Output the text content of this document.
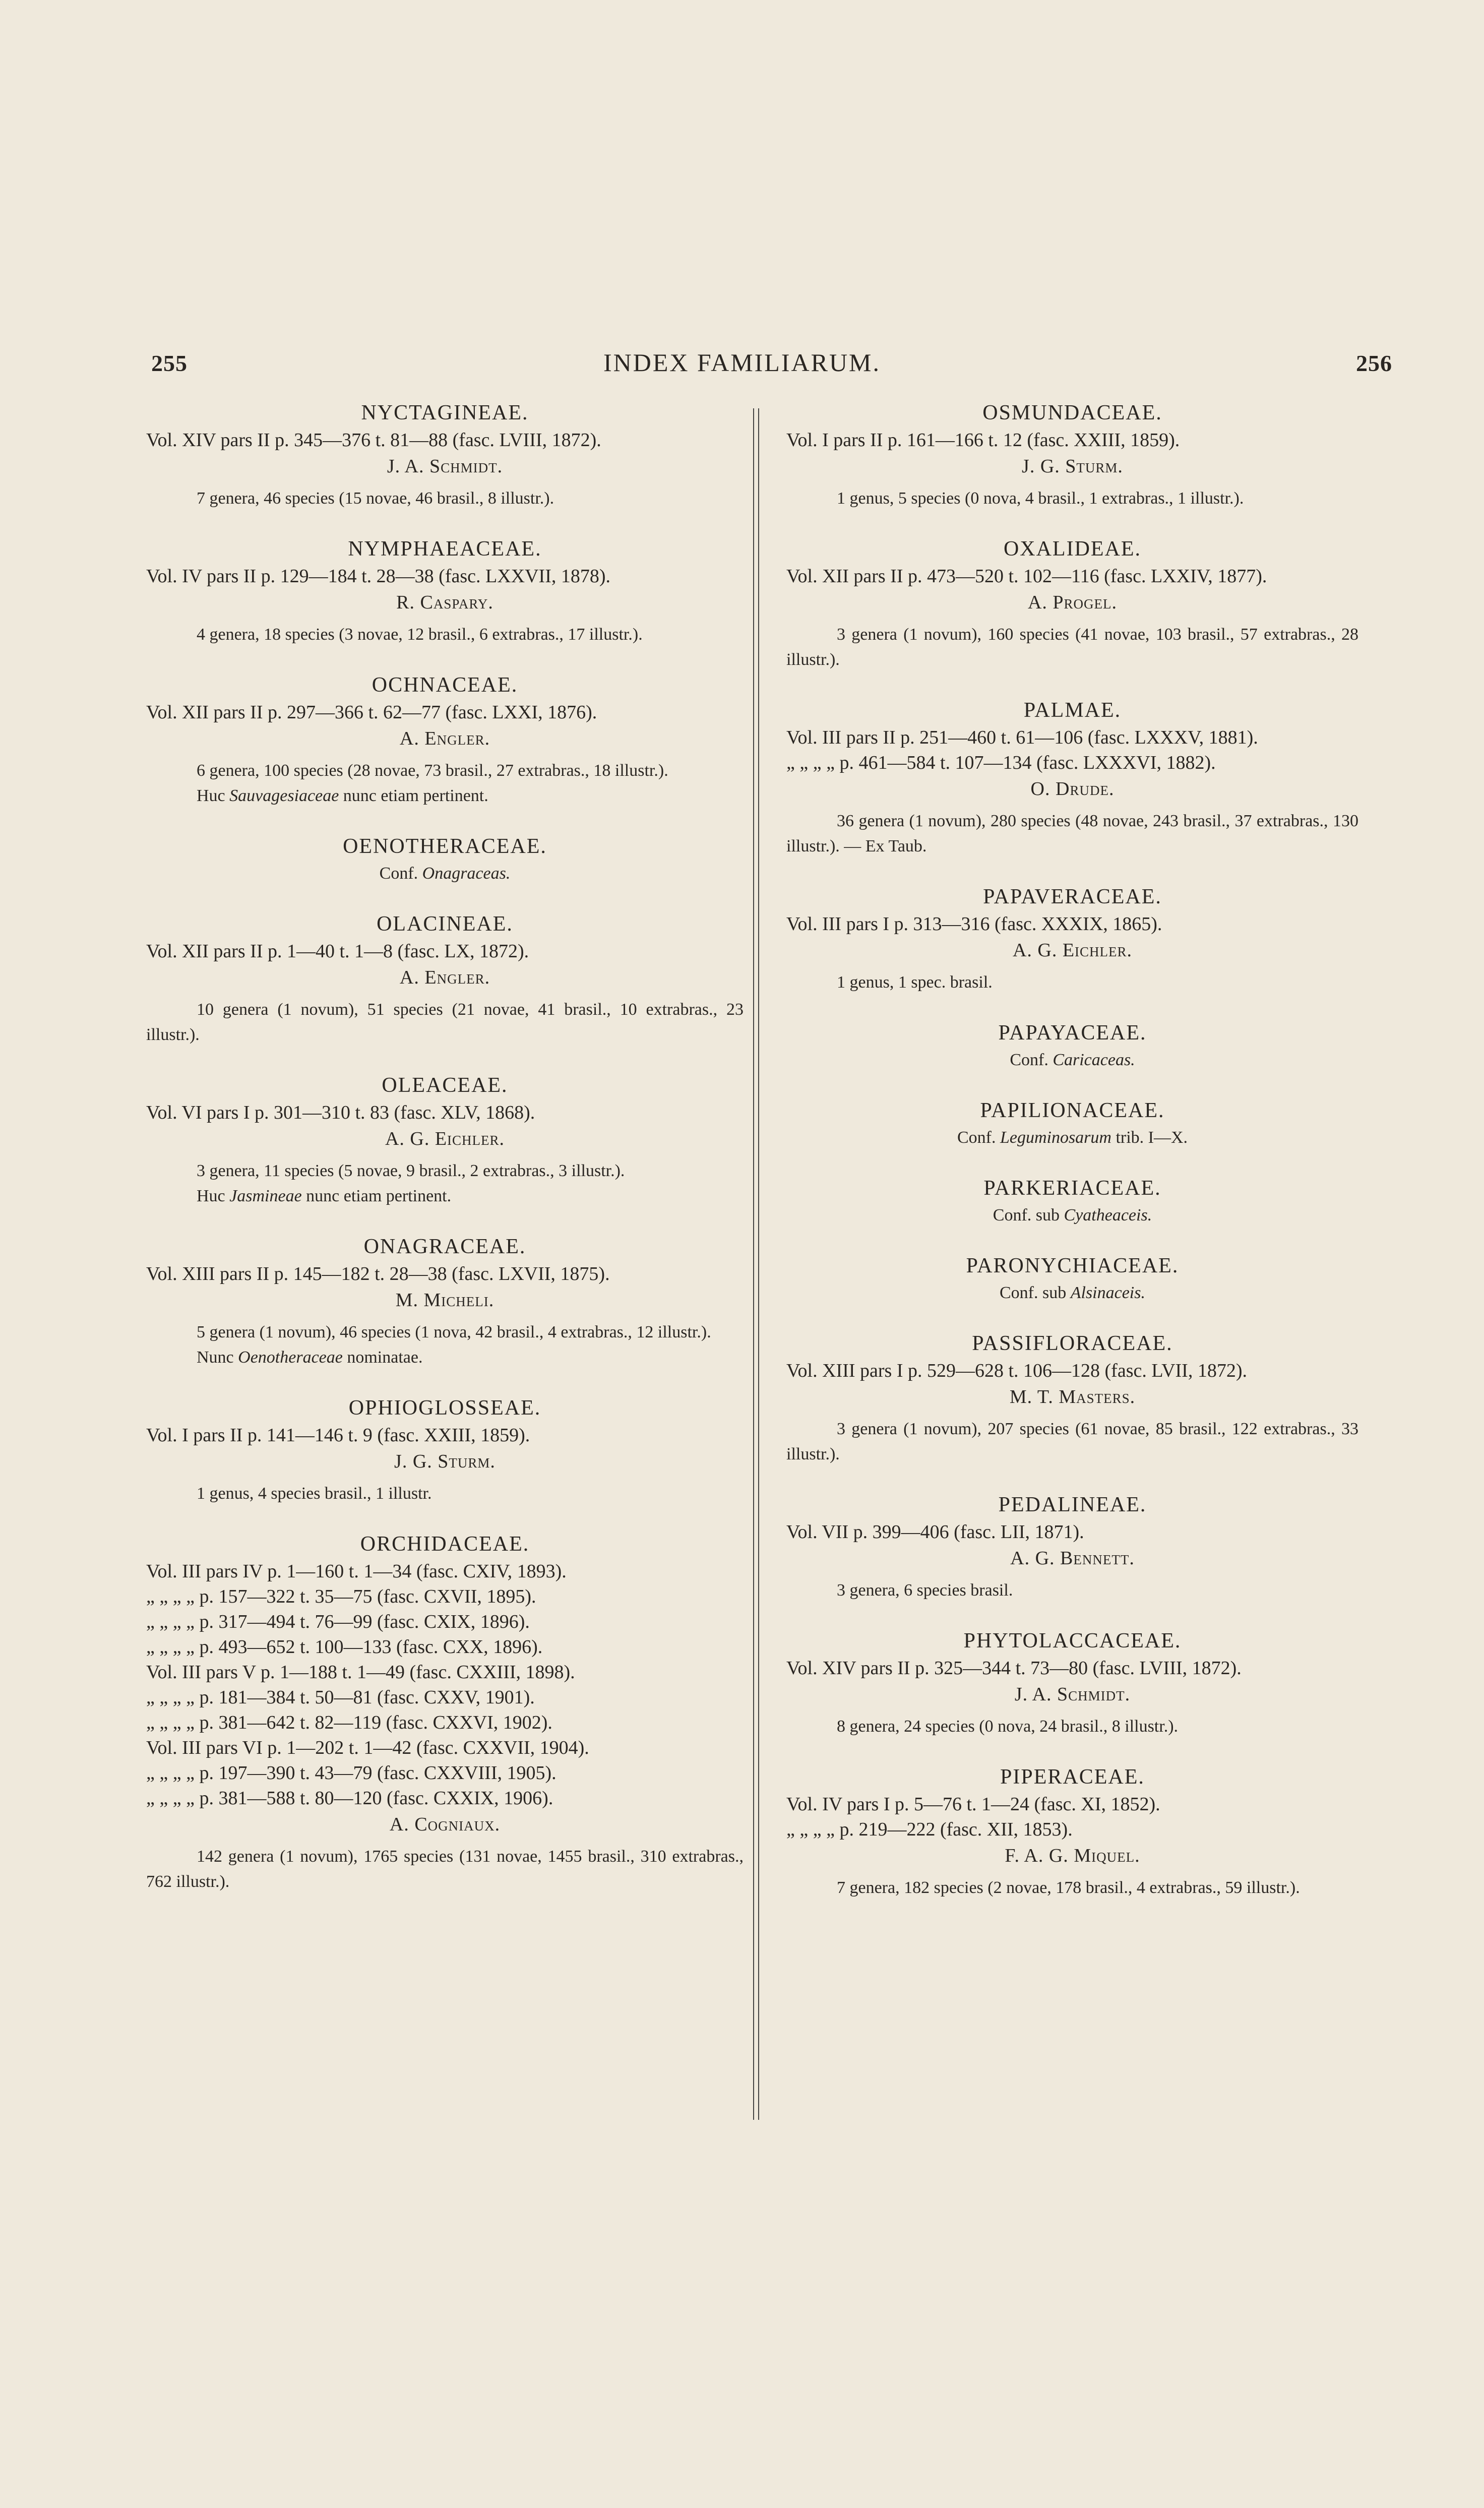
255	INDEX FAMILIARUM.	256
NYCTAGINEAE.
Vol. XIV pars II p. 345—376 t. 81—88 (fasc. LVIII, 1872).
J. A. Schmidt.
7 genera, 46 species (15 novae, 46 brasil., 8 illustr.).
NYMPHAEACEAE.
Vol. IV pars II p. 129—184 t. 28—38 (fasc. LXXVII, 1878).
R. Caspary.
4 genera, 18 species (3 novae, 12 brasil., 6 extrabras., 17 illustr.).
OCHNACEAE.
Vol. XII pars II p. 297—366 t. 62—77 (fasc. LXXI, 1876).
A. Engler.
6 genera, 100 species (28 novae, 73 brasil., 27 extrabras., 18 illustr.).
Huc Sauvagesiaceae nunc etiam pertinent.
OENOTHERACEAE.
Conf. Onagraceas.
OLACINEAE.
Vol. XII pars II p. 1—40 t. 1—8 (fasc. LX, 1872).
A. Engler.
10 genera (1 novum), 51 species (21 novae, 41 brasil., 10 extrabras., 23 illustr.).
OLEACEAE.
Vol. VI pars I p. 301—310 t. 83 (fasc. XLV, 1868).
A. G. Eichler.
3 genera, 11 species (5 novae, 9 brasil., 2 extrabras., 3 illustr.).
Huc Jasmineae nunc etiam pertinent.
ONAGRACEAE.
Vol. XIII pars II p. 145—182 t. 28—38 (fasc. LXVII, 1875).
M. Micheli.
5 genera (1 novum), 46 species (1 nova, 42 brasil., 4 extrabras., 12 illustr.).
Nunc Oenotheraceae nominatae.
OPHIOGLOSSEAE.
Vol. I pars II p. 141—146 t. 9 (fasc. XXIII, 1859).
J. G. Sturm.
1 genus, 4 species brasil., 1 illustr.
ORCHIDACEAE.
Vol. III pars IV p. 1—160 t. 1—34 (fasc. CXIV, 1893).
„ „ „ „ p. 157—322 t. 35—75 (fasc. CXVII, 1895).
„ „ „ „ p. 317—494 t. 76—99 (fasc. CXIX, 1896).
„ „ „ „ p. 493—652 t. 100—133 (fasc. CXX, 1896).
Vol. III pars V p. 1—188 t. 1—49 (fasc. CXXIII, 1898).
„ „ „ „ p. 181—384 t. 50—81 (fasc. CXXV, 1901).
„ „ „ „ p. 381—642 t. 82—119 (fasc. CXXVI, 1902).
Vol. III pars VI p. 1—202 t. 1—42 (fasc. CXXVII, 1904).
„ „ „ „ p. 197—390 t. 43—79 (fasc. CXXVIII, 1905).
„ „ „ „ p. 381—588 t. 80—120 (fasc. CXXIX, 1906).
A. Cogniaux.
142 genera (1 novum), 1765 species (131 novae, 1455 brasil., 310 extrabras., 762 illustr.).
OSMUNDACEAE.
Vol. I pars II p. 161—166 t. 12 (fasc. XXIII, 1859).
J. G. Sturm.
1 genus, 5 species (0 nova, 4 brasil., 1 extrabras., 1 illustr.).
OXALIDEAE.
Vol. XII pars II p. 473—520 t. 102—116 (fasc. LXXIV, 1877).
A. Progel.
3 genera (1 novum), 160 species (41 novae, 103 brasil., 57 extrabras., 28 illustr.).
PALMAE.
Vol. III pars II p. 251—460 t. 61—106 (fasc. LXXXV, 1881).
„ „ „ „ p. 461—584 t. 107—134 (fasc. LXXXVI, 1882).
O. Drude.
36 genera (1 novum), 280 species (48 novae, 243 brasil., 37 extrabras., 130 illustr.). — Ex Taub.
PAPAVERACEAE.
Vol. III pars I p. 313—316 (fasc. XXXIX, 1865).
A. G. Eichler.
1 genus, 1 spec. brasil.
PAPAYACEAE.
Conf. Caricaceas.
PAPILIONACEAE.
Conf. Leguminosarum trib. I—X.
PARKERIACEAE.
Conf. sub Cyatheaceis.
PARONYCHIACEAE.
Conf. sub Alsinaceis.
PASSIFLORACEAE.
Vol. XIII pars I p. 529—628 t. 106—128 (fasc. LVII, 1872).
M. T. Masters.
3 genera (1 novum), 207 species (61 novae, 85 brasil., 122 extrabras., 33 illustr.).
PEDALINEAE.
Vol. VII p. 399—406 (fasc. LII, 1871).
A. G. Bennett.
3 genera, 6 species brasil.
PHYTOLACCACEAE.
Vol. XIV pars II p. 325—344 t. 73—80 (fasc. LVIII, 1872).
J. A. Schmidt.
8 genera, 24 species (0 nova, 24 brasil., 8 illustr.).
PIPERACEAE.
Vol. IV pars I p. 5—76 t. 1—24 (fasc. XI, 1852).
„ „ „ „ p. 219—222 (fasc. XII, 1853).
F. A. G. Miquel.
7 genera, 182 species (2 novae, 178 brasil., 4 extrabras., 59 illustr.).
